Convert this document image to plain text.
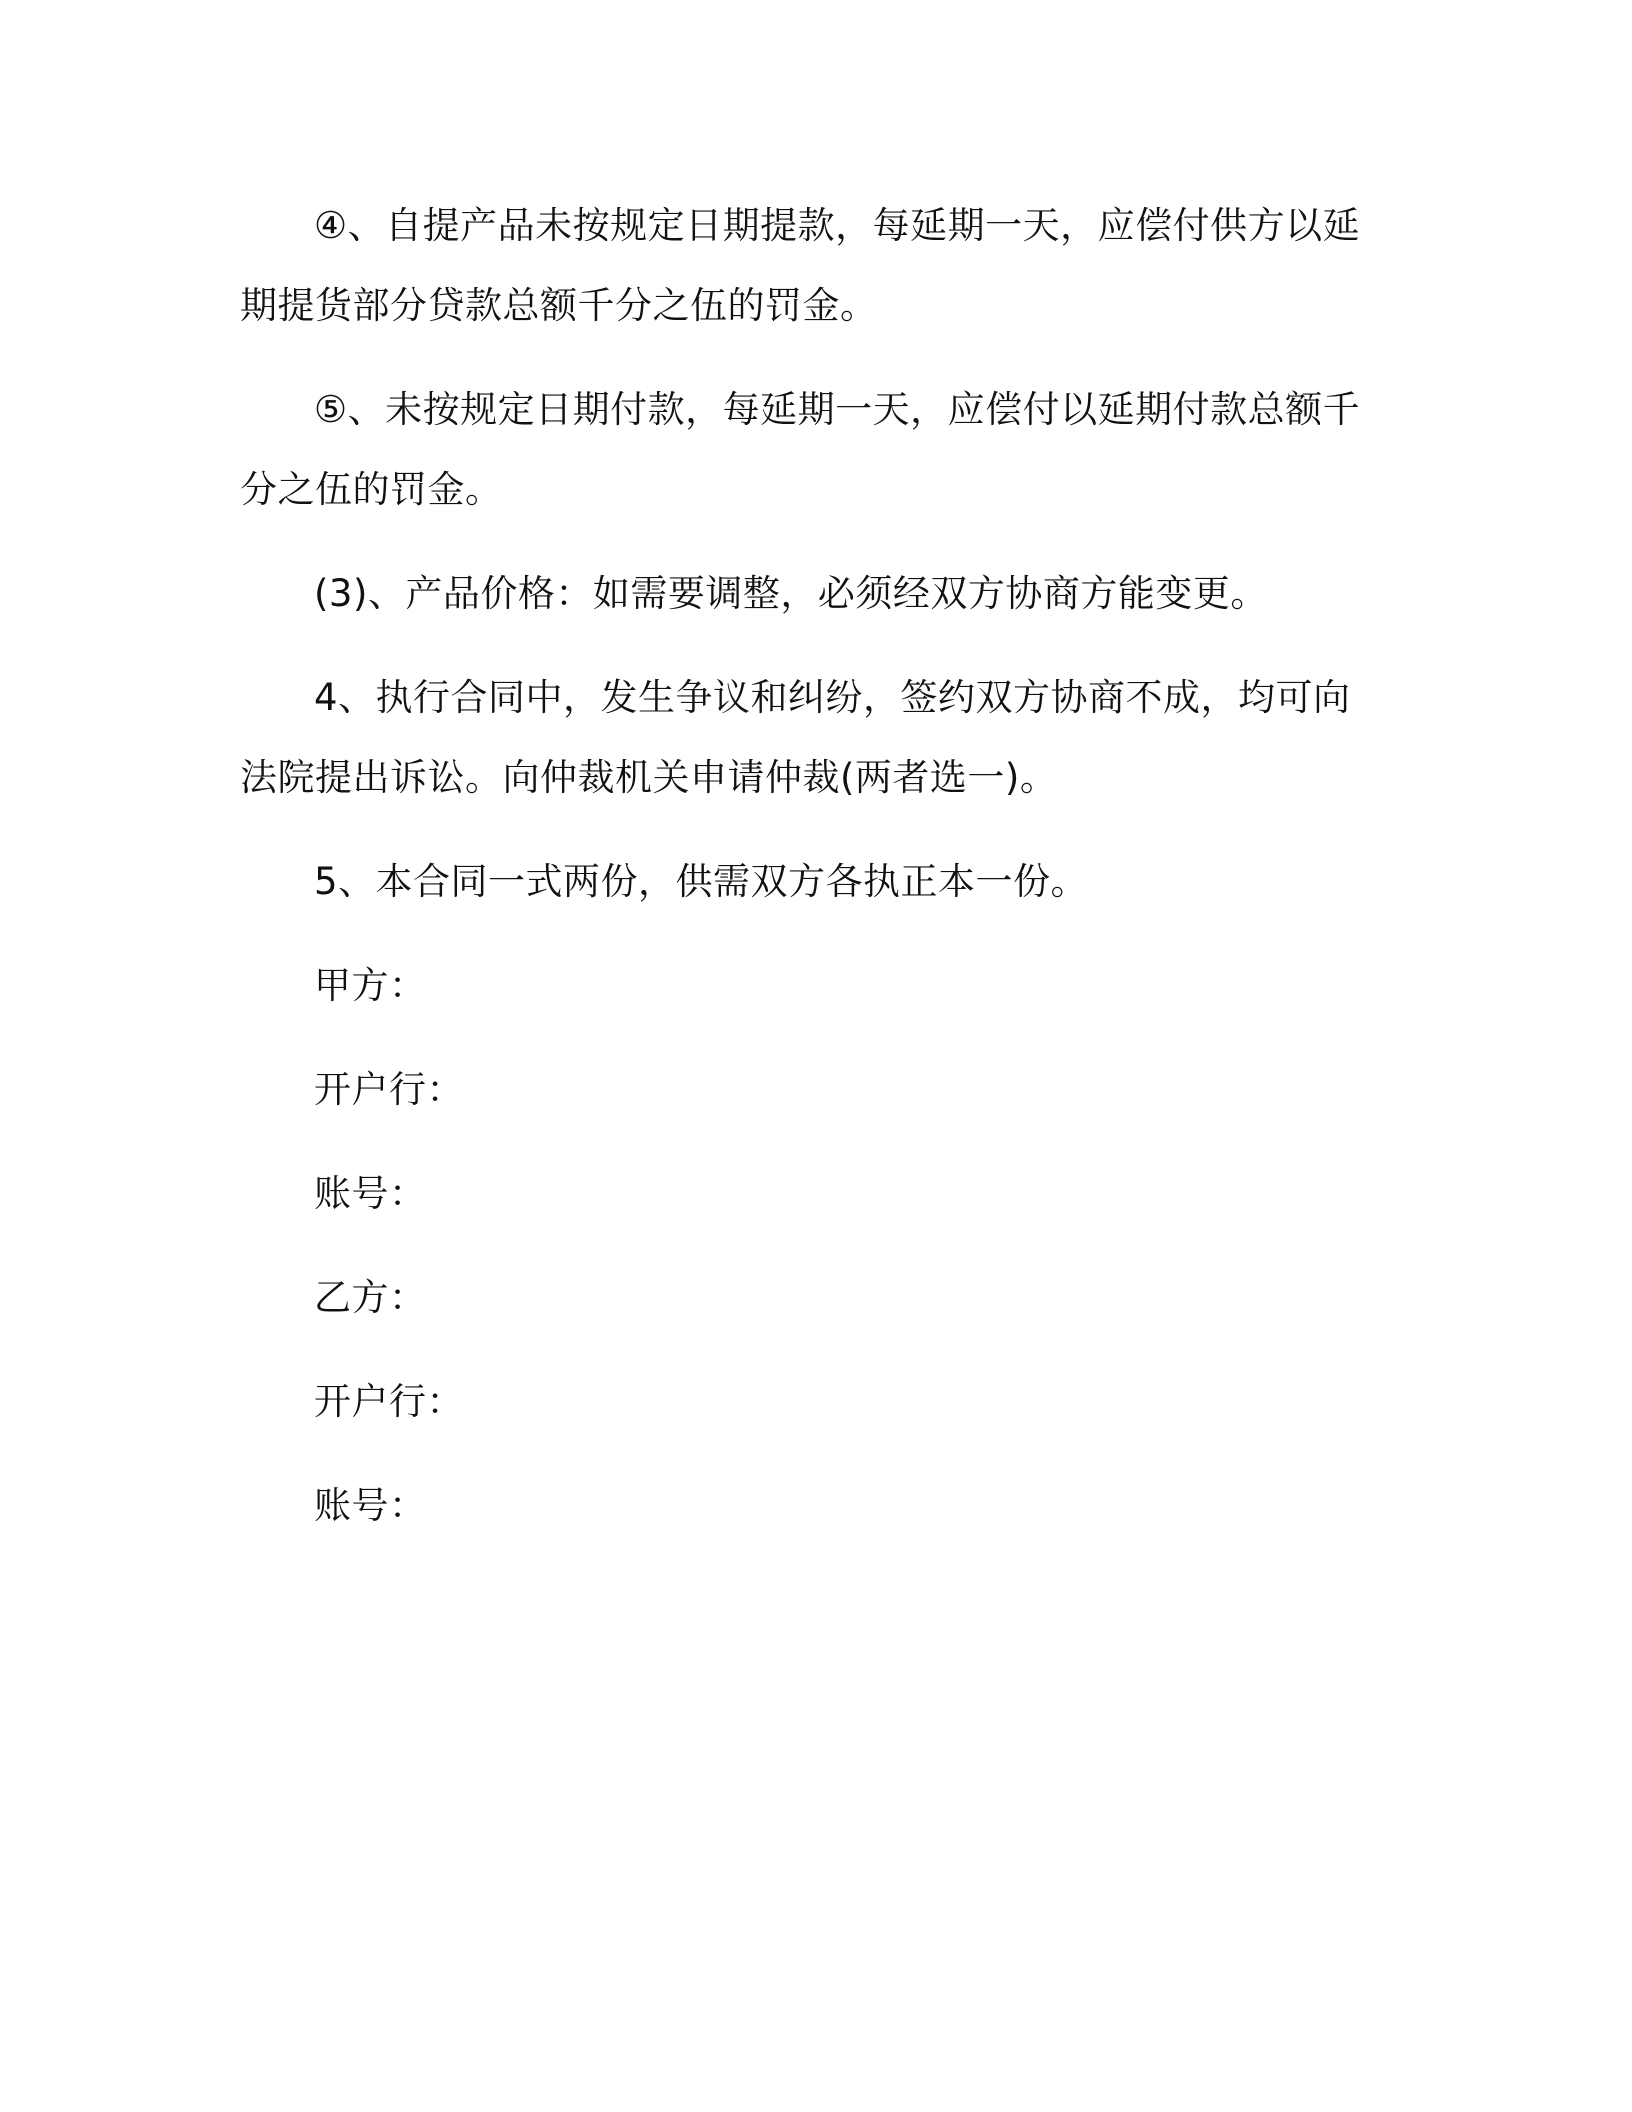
④、自提产品未按规定日期提款，每延期一天，应偿付供方以延期提货部分贷款总额千分之伍的罚金。

⑤、未按规定日期付款，每延期一天，应偿付以延期付款总额千分之伍的罚金。

(3)、产品价格：如需要调整，必须经双方协商方能变更。

4、执行合同中，发生争议和纠纷，签约双方协商不成，均可向法院提出诉讼。向仲裁机关申请仲裁(两者选一)。

5、本合同一式两份，供需双方各执正本一份。

甲方：

开户行：

账号：

乙方：

开户行：

账号：
